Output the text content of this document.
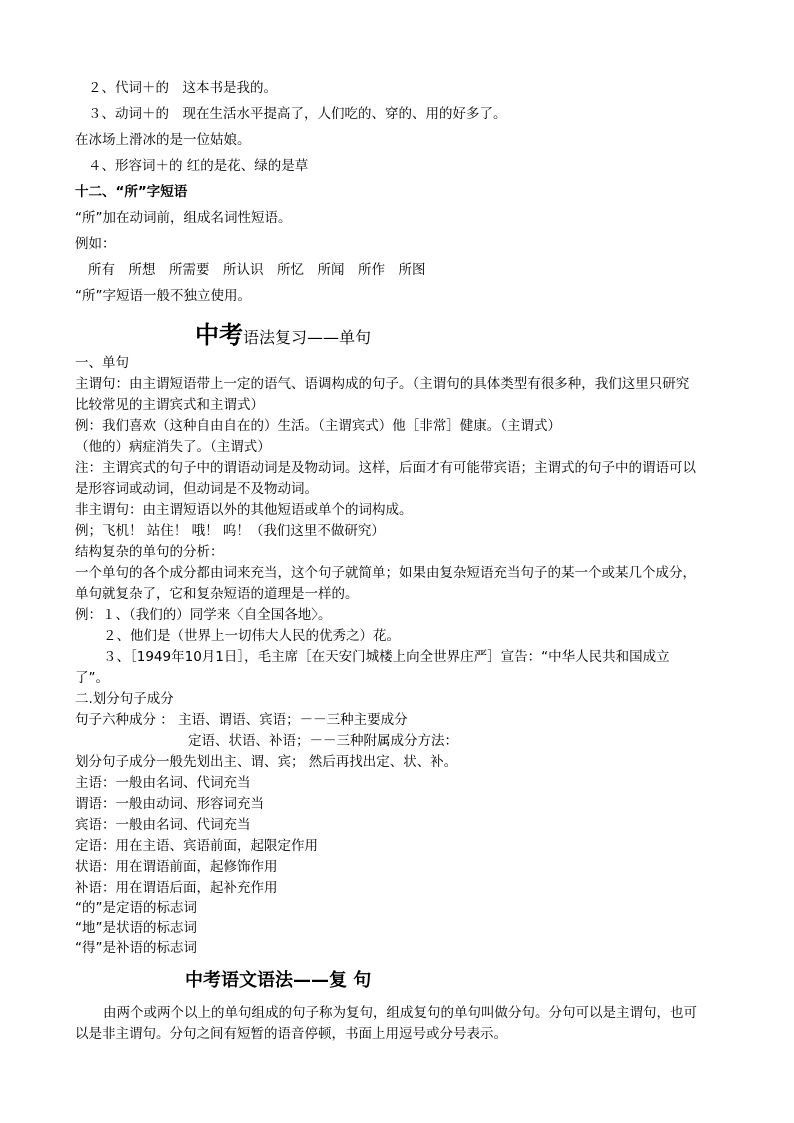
２、代词＋的　这本书是我的。
３、动词＋的　现在生活水平提高了，人们吃的、穿的、用的好多了。
在冰场上滑冰的是一位姑娘。
４、形容词＋的 红的是花、绿的是草
十二、“所”字短语
“所”加在动词前，组成名词性短语。
例如：
所有　所想　所需要　所认识　所忆　所闻　所作　所图
“所”字短语一般不独立使用。
中考语法复习——单句
一、单句
主谓句：由主谓短语带上一定的语气、语调构成的句子。（主谓句的具体类型有很多种，我们这里只研究
比较常见的主谓宾式和主谓式）
例：我们喜欢（这种自由自在的）生活。（主谓宾式）他［非常］健康。（主谓式）
（他的）病症消失了。（主谓式）
注：主谓宾式的句子中的谓语动词是及物动词。这样，后面才有可能带宾语；主谓式的句子中的谓语可以
是形容词或动词，但动词是不及物动词。
非主谓句：由主谓短语以外的其他短语或单个的词构成。
例；飞机！ 站住！ 哦！ 呜！（我们这里不做研究）
结构复杂的单句的分析：
一个单句的各个成分都由词来充当，这个句子就简单；如果由复杂短语充当句子的某一个或某几个成分，
单句就复杂了，它和复杂短语的道理是一样的。
例：１、（我们的）同学来〈自全国各地〉。
２、他们是（世界上一切伟大人民的优秀之）花。
３、［1949年10月1日］，毛主席［在天安门城楼上向全世界庄严］宣告：“中华人民共和国成立
了”。
二.划分句子成分
句子六种成分 ： 主语、谓语、宾语；－－三种主要成分
定语、状语、补语；－－三种附属成分方法：
划分句子成分一般先划出主、谓、宾； 然后再找出定、状、补。
主语：一般由名词、代词充当
谓语：一般由动词、形容词充当
宾语：一般由名词、代词充当
定语：用在主语、宾语前面，起限定作用
状语：用在谓语前面，起修饰作用
补语：用在谓语后面，起补充作用
“的”是定语的标志词
“地”是状语的标志词
“得”是补语的标志词
中考语文语法——复 句
由两个或两个以上的单句组成的句子称为复句，组成复句的单句叫做分句。分句可以是主谓句，也可
以是非主谓句。分句之间有短暂的语音停顿，书面上用逗号或分号表示。
